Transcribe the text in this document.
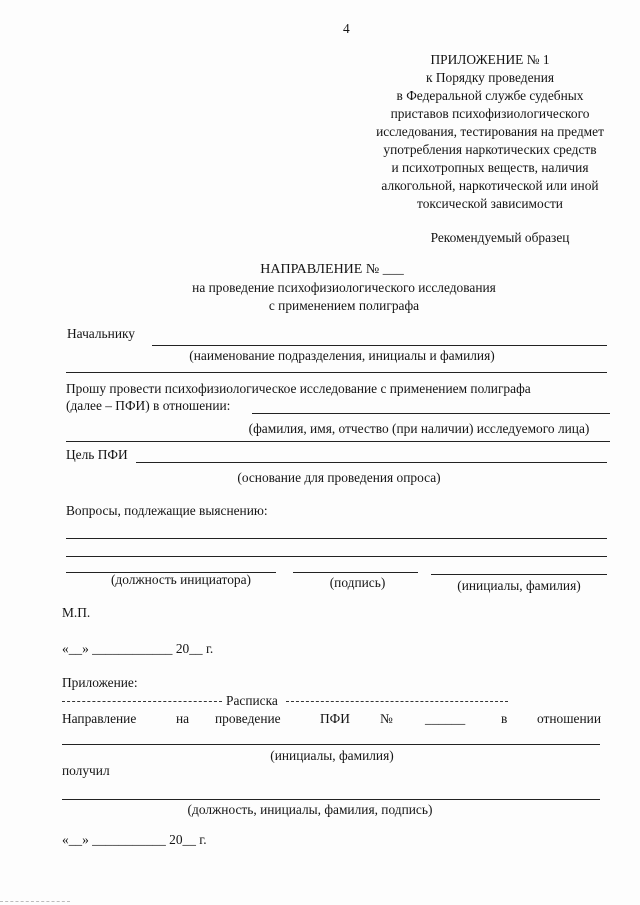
4
ПРИЛОЖЕНИЕ № 1
к Порядку проведения
в Федеральной службе судебных
приставов психофизиологического
исследования, тестирования на предмет
употребления наркотических средств
и психотропных веществ, наличия
алкогольной, наркотической или иной
токсической зависимости
Рекомендуемый образец
НАПРАВЛЕНИЕ № ___
на проведение психофизиологического исследования
с применением полиграфа
Начальнику
(наименование подразделения, инициалы и фамилия)
Прошу провести психофизиологическое исследование с применением полиграфа
(далее – ПФИ) в отношении:
(фамилия, имя, отчество (при наличии) исследуемого лица)
Цель ПФИ
(основание для проведения опроса)
Вопросы, подлежащие выяснению:
(должность инициатора)	(подпись)	(инициалы, фамилия)
М.П.
«__» ____________ 20__ г.
Приложение:
Расписка
Направление	на проведение	ПФИ № ______	в отношении
(инициалы, фамилия)
получил
(должность, инициалы, фамилия, подпись)
«__» ___________ 20__ г.
